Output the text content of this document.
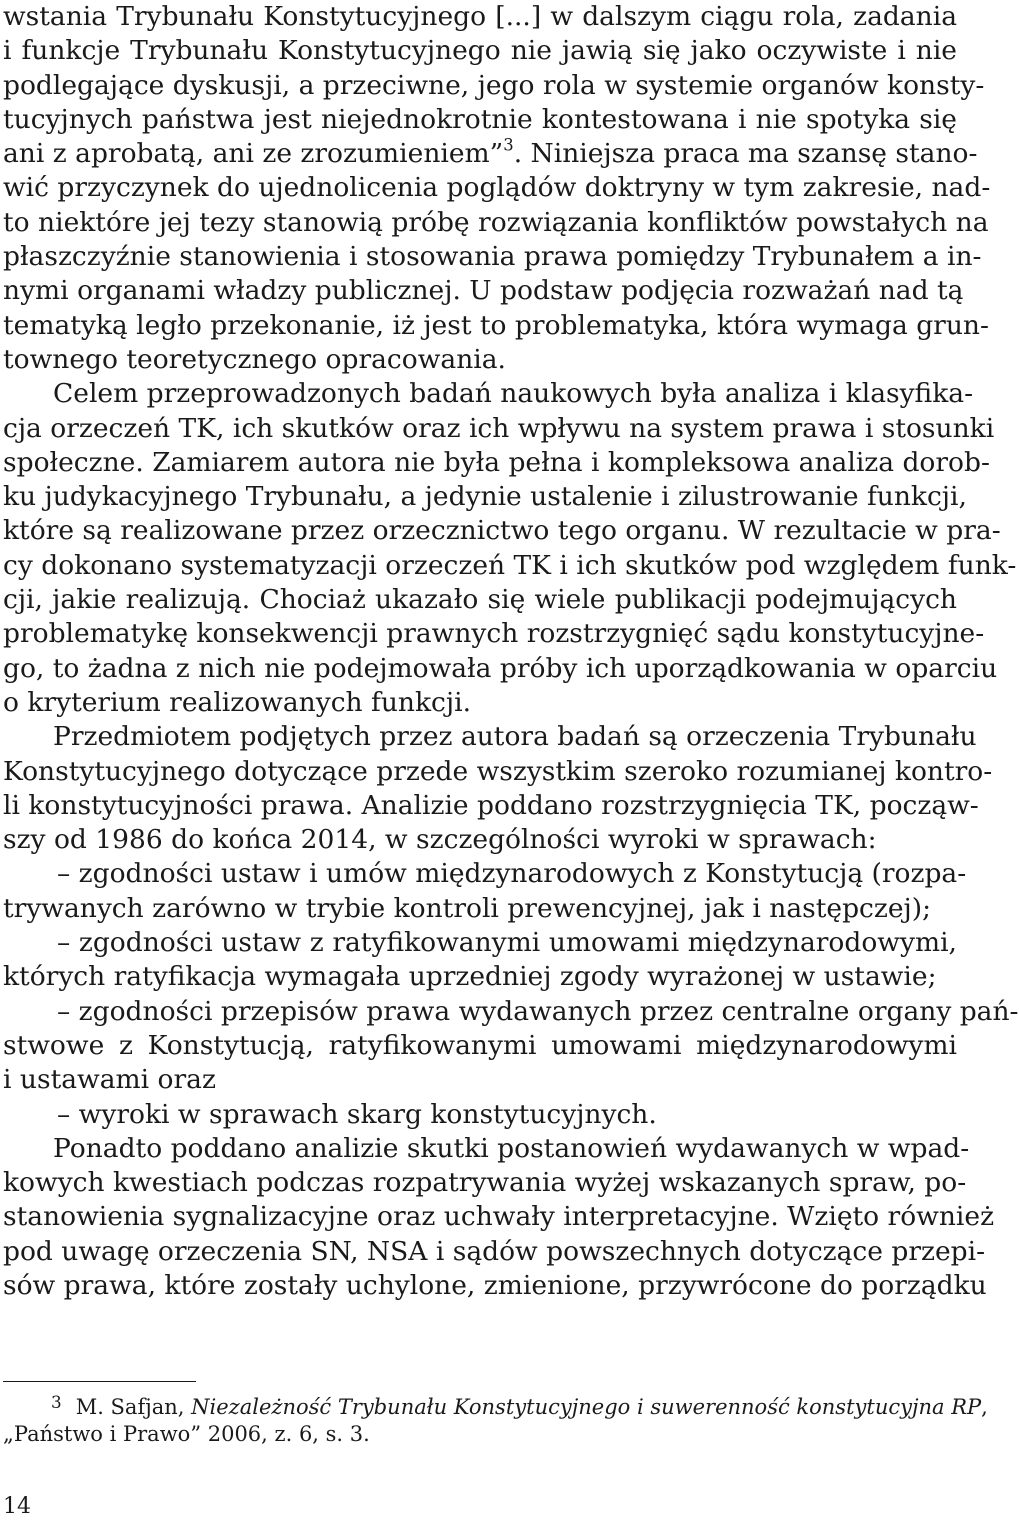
wstania Trybunału Konstytucyjnego [...] w dalszym ciągu rola, zadania
i funkcje Trybunału Konstytucyjnego nie jawią się jako oczywiste i nie
podlegające dyskusji, a przeciwne, jego rola w systemie organów konsty-
tucyjnych państwa jest niejednokrotnie kontestowana i nie spotyka się
ani z aprobatą, ani ze zrozumieniem”$^3$. Niniejsza praca ma szansę stano-
wić przyczynek do ujednolicenia poglądów doktryny w tym zakresie, nad-
to niektóre jej tezy stanowią próbę rozwiązania konfliktów powstałych na
płaszczyźnie stanowienia i stosowania prawa pomiędzy Trybunałem a in-
nymi organami władzy publicznej. U podstaw podjęcia rozważań nad tą
tematyką legło przekonanie, iż jest to problematyka, która wymaga grun-
townego teoretycznego opracowania.
Celem przeprowadzonych badań naukowych była analiza i klasyfika-
cja orzeczeń TK, ich skutków oraz ich wpływu na system prawa i stosunki
społeczne. Zamiarem autora nie była pełna i kompleksowa analiza dorob-
ku judykacyjnego Trybunału, a jedynie ustalenie i zilustrowanie funkcji,
które są realizowane przez orzecznictwo tego organu. W rezultacie w pra-
cy dokonano systematyzacji orzeczeń TK i ich skutków pod względem funk-
cji, jakie realizują. Chociaż ukazało się wiele publikacji podejmujących
problematykę konsekwencji prawnych rozstrzygnięć sądu konstytucyjne-
go, to żadna z nich nie podejmowała próby ich uporządkowania w oparciu
o kryterium realizowanych funkcji.
Przedmiotem podjętych przez autora badań są orzeczenia Trybunału
Konstytucyjnego dotyczące przede wszystkim szeroko rozumianej kontro-
li konstytucyjności prawa. Analizie poddano rozstrzygnięcia TK, począw-
szy od 1986 do końca 2014, w szczególności wyroki w sprawach:
– zgodności ustaw i umów międzynarodowych z Konstytucją (rozpa-
trywanych zarówno w trybie kontroli prewencyjnej, jak i następczej);
– zgodności ustaw z ratyfikowanymi umowami międzynarodowymi,
których ratyfikacja wymagała uprzedniej zgody wyrażonej w ustawie;
– zgodności przepisów prawa wydawanych przez centralne organy pań-
stwowe z Konstytucją, ratyfikowanymi umowami międzynarodowymi
i ustawami oraz
– wyroki w sprawach skarg konstytucyjnych.
Ponadto poddano analizie skutki postanowień wydawanych w wpad-
kowych kwestiach podczas rozpatrywania wyżej wskazanych spraw, po-
stanowienia sygnalizacyjne oraz uchwały interpretacyjne. Wzięto również
pod uwagę orzeczenia SN, NSA i sądów powszechnych dotyczące przepi-
sów prawa, które zostały uchylone, zmienione, przywrócone do porządku
$^3$ M. Safjan, Niezależność Trybunału Konstytucyjnego i suwerenność konstytucyjna RP,
„Państwo i Prawo” 2006, z. 6, s. 3.
14
